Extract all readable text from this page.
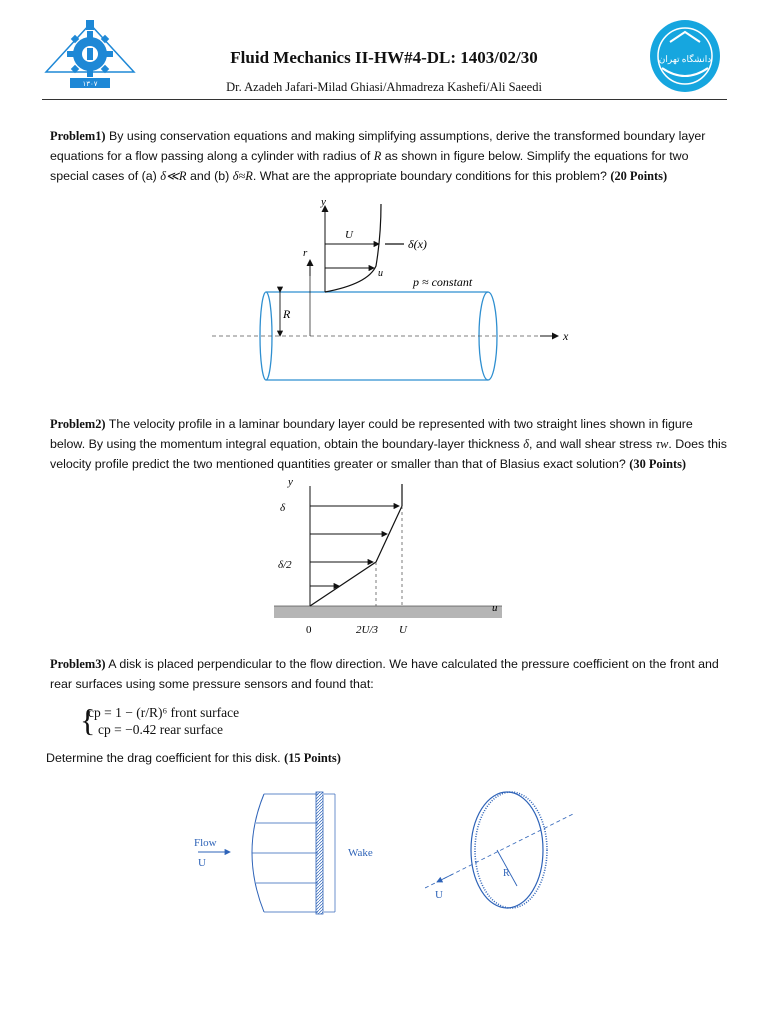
۱۳۰۷
Fluid Mechanics II-HW#4-DL: 1403/02/30
Dr. Azadeh Jafari-Milad Ghiasi/Ahmadreza Kashefi/Ali Saeedi
دانشگاه تهران
Problem1) By using conservation equations and making simplifying assumptions, derive the transformed boundary layer equations for a flow passing along a cylinder with radius of R as shown in figure below. Simplify the equations for two special cases of (a) δ≪R and (b) δ≈R. What are the appropriate boundary conditions for this problem? (20 Points)
x
R
r
y
U
u
δ(x)
p ≈ constant
Problem2) The velocity profile in a laminar boundary layer could be represented with two straight lines shown in figure below. By using the momentum integral equation, obtain the boundary-layer thickness δ, and wall shear stress τw. Does this velocity profile predict the two mentioned quantities greater or smaller than that of Blasius exact solution? (30 Points)
y
δ
δ/2
u
0	2U/3 U
Problem3) A disk is placed perpendicular to the flow direction. We have calculated the pressure coefficient on the front and rear surfaces using some pressure sensors and found that:
{
cp = 1 − (r/R)⁶ front surface
cp = −0.42 rear surface
Determine the drag coefficient for this disk. (15 Points)
Wake
Flow
U
U
R
